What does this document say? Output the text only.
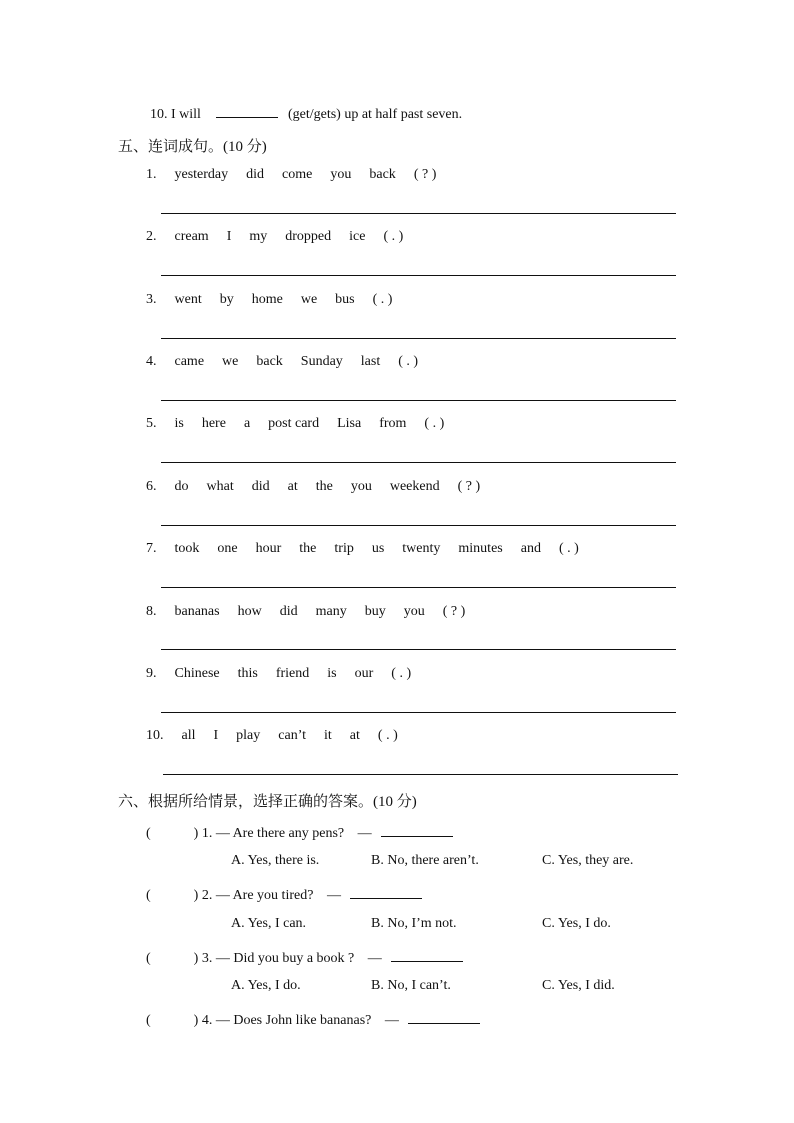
10. I will	(get/gets) up at half past seven.
五、连词成句。(10 分)
1. yesterday did come you back ( ? )
2. cream I my dropped ice ( . )
3. went by home we bus ( . )
4. came we back Sunday last ( . )
5. is here a post card Lisa from ( . )
6. do what did at the you weekend ( ? )
7. took one hour the trip us twenty minutes and ( . )
8. bananas how did many buy you ( ? )
9. Chinese this friend is our ( . )
10. all I play can’t it at ( . )
六、根据所给情景，选择正确的答案。(10 分)
(	) 1. — Are there any pens? —
A. Yes, there is.	B. No, there aren’t.	C. Yes, they are.
(	) 2. — Are you tired? —
A. Yes, I can.	B. No, I’m not.	C. Yes, I do.
(	) 3. — Did you buy a book ? —
A. Yes, I do.	B. No, I can’t.	C. Yes, I did.
(	) 4. — Does John like bananas? —
